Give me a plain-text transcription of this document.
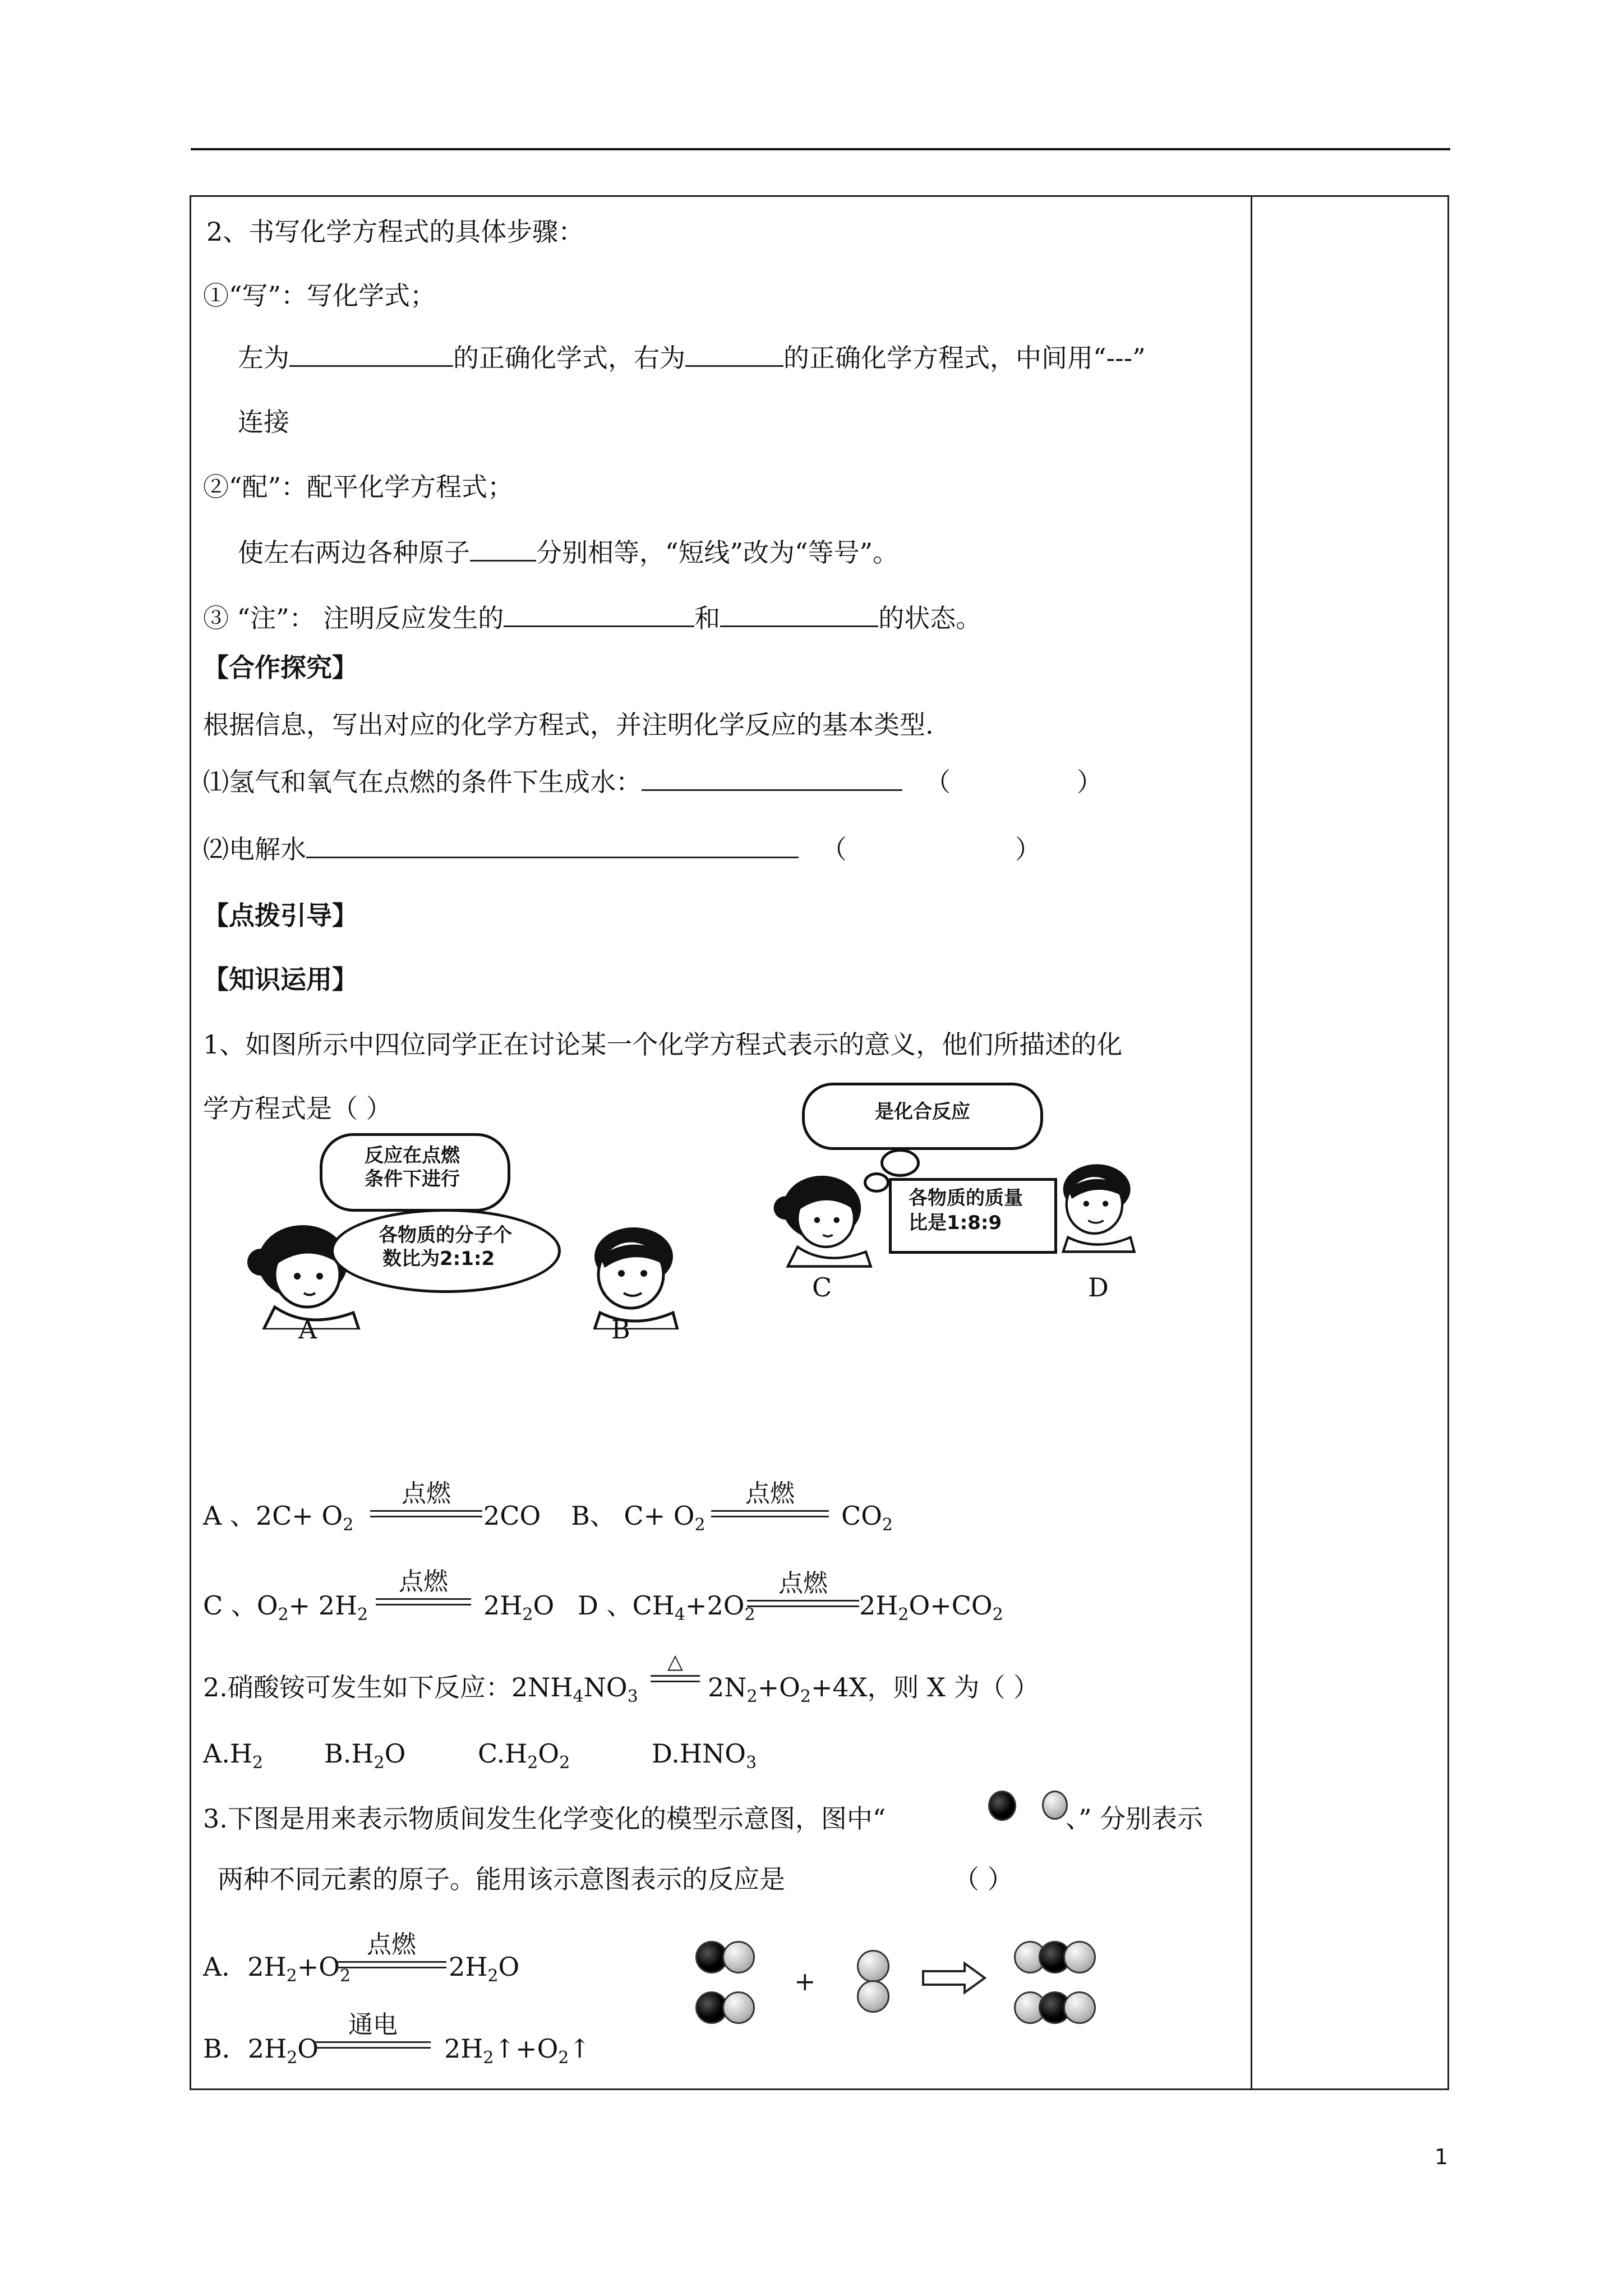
2、书写化学方程式的具体步骤：
①“写”：写化学式；
左为	的正确化学式，右为	的正确化学方程式，中间用“---”
连接
②“配”：配平化学方程式；
使左右两边各种原子	分别相等，“短线”改为“等号”。
③ “注”： 注明反应发生的	和	的状态。
【合作探究】
根据信息，写出对应的化学方程式，并注明化学反应的基本类型.
⑴氢气和氧气在点燃的条件下生成水：	（	）
⑵电解水	（	）
【点拨引导】
【知识运用】
1、如图所示中四位同学正在讨论某一个化学方程式表示的意义，他们所描述的化
学方程式是（ ）
反应在点燃
条件下进行
各物质的分子个
数比为2:1:2
A	B
是化合反应
各物质的质量
比是1:8:9
C	D
A 、$2C+ O_2$
点燃
2CO B、 $C+ O_2$
点燃
$CO_2$
C 、$O_2+ 2H_2$
点燃
$2H_2O$ D 、$CH_4+2O_2$
点燃
$2H_2O+CO_2$
2.硝酸铵可发生如下反应：$2NH_4NO_3$
△
$2N_2+O_2+4X$，则 X 为（ ）
$A.H_2$ $B.H_2O$	$C.H_2O_2$	$D.HNO_3$
3.下图是用来表示物质间发生化学变化的模型示意图，图中“	、” 分别表示
两种不同元素的原子。能用该示意图表示的反应是	（ ）
A．$2H_2+O_2$
点燃
$2H_2O$
B．$2H_2O$
通电
$2H_2↑+O_2↑$
+
1
